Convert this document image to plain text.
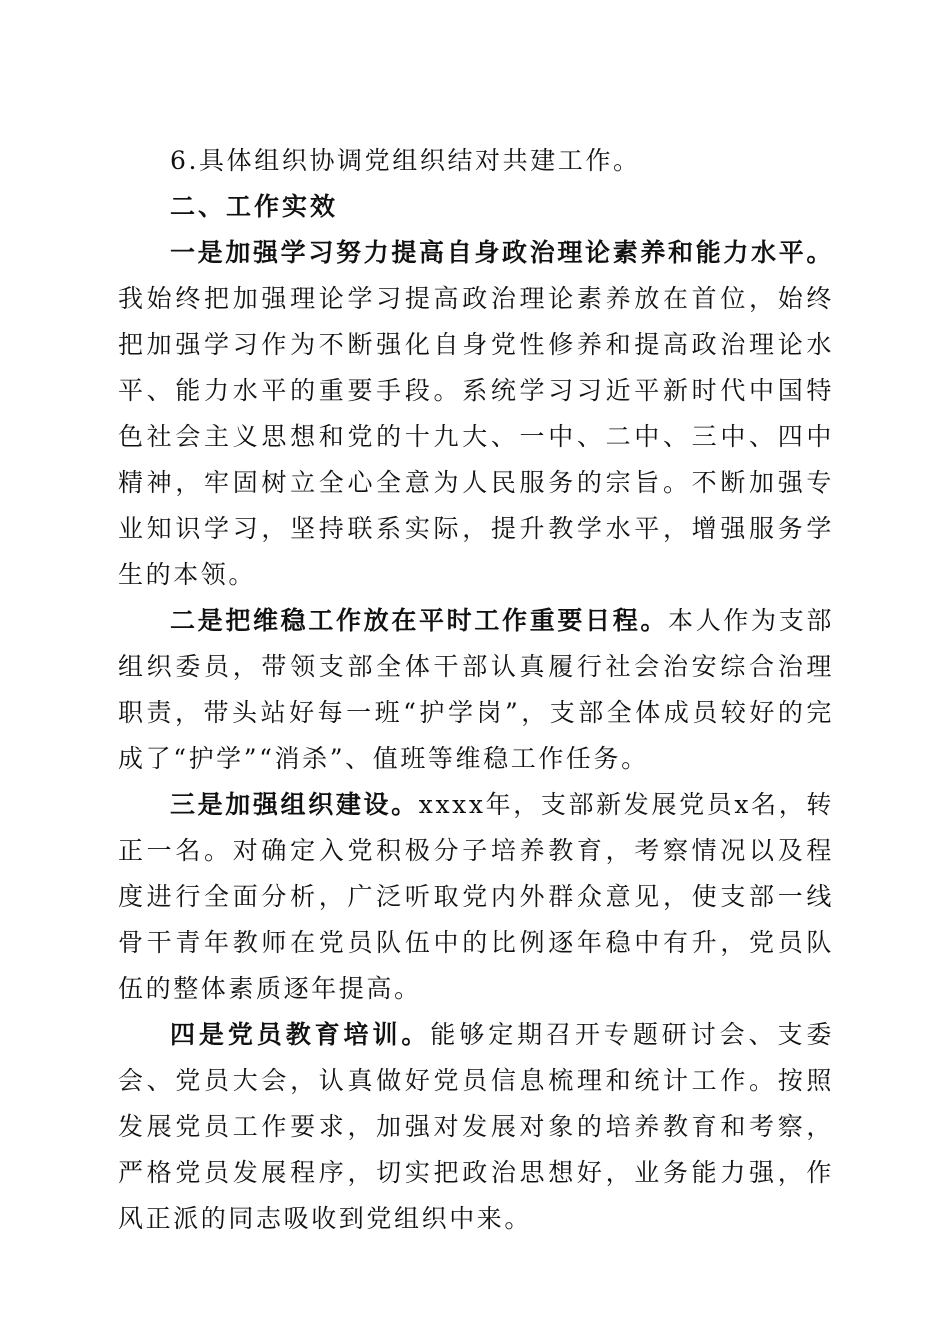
6.具体组织协调党组织结对共建工作。

二、工作实效

一是加强学习努力提高自身政治理论素养和能力水平。我始终把加强理论学习提高政治理论素养放在首位，始终把加强学习作为不断强化自身党性修养和提高政治理论水平、能力水平的重要手段。系统学习习近平新时代中国特色社会主义思想和党的十九大、一中、二中、三中、四中精神，牢固树立全心全意为人民服务的宗旨。不断加强专业知识学习，坚持联系实际，提升教学水平，增强服务学生的本领。

二是把维稳工作放在平时工作重要日程。本人作为支部组织委员，带领支部全体干部认真履行社会治安综合治理职责，带头站好每一班“护学岗”，支部全体成员较好的完成了“护学”“消杀”、值班等维稳工作任务。

三是加强组织建设。xxxx年，支部新发展党员x名，转正一名。对确定入党积极分子培养教育，考察情况以及程度进行全面分析，广泛听取党内外群众意见，使支部一线骨干青年教师在党员队伍中的比例逐年稳中有升，党员队伍的整体素质逐年提高。

四是党员教育培训。能够定期召开专题研讨会、支委会、党员大会，认真做好党员信息梳理和统计工作。按照发展党员工作要求，加强对发展对象的培养教育和考察，严格党员发展程序，切实把政治思想好，业务能力强，作风正派的同志吸收到党组织中来。
